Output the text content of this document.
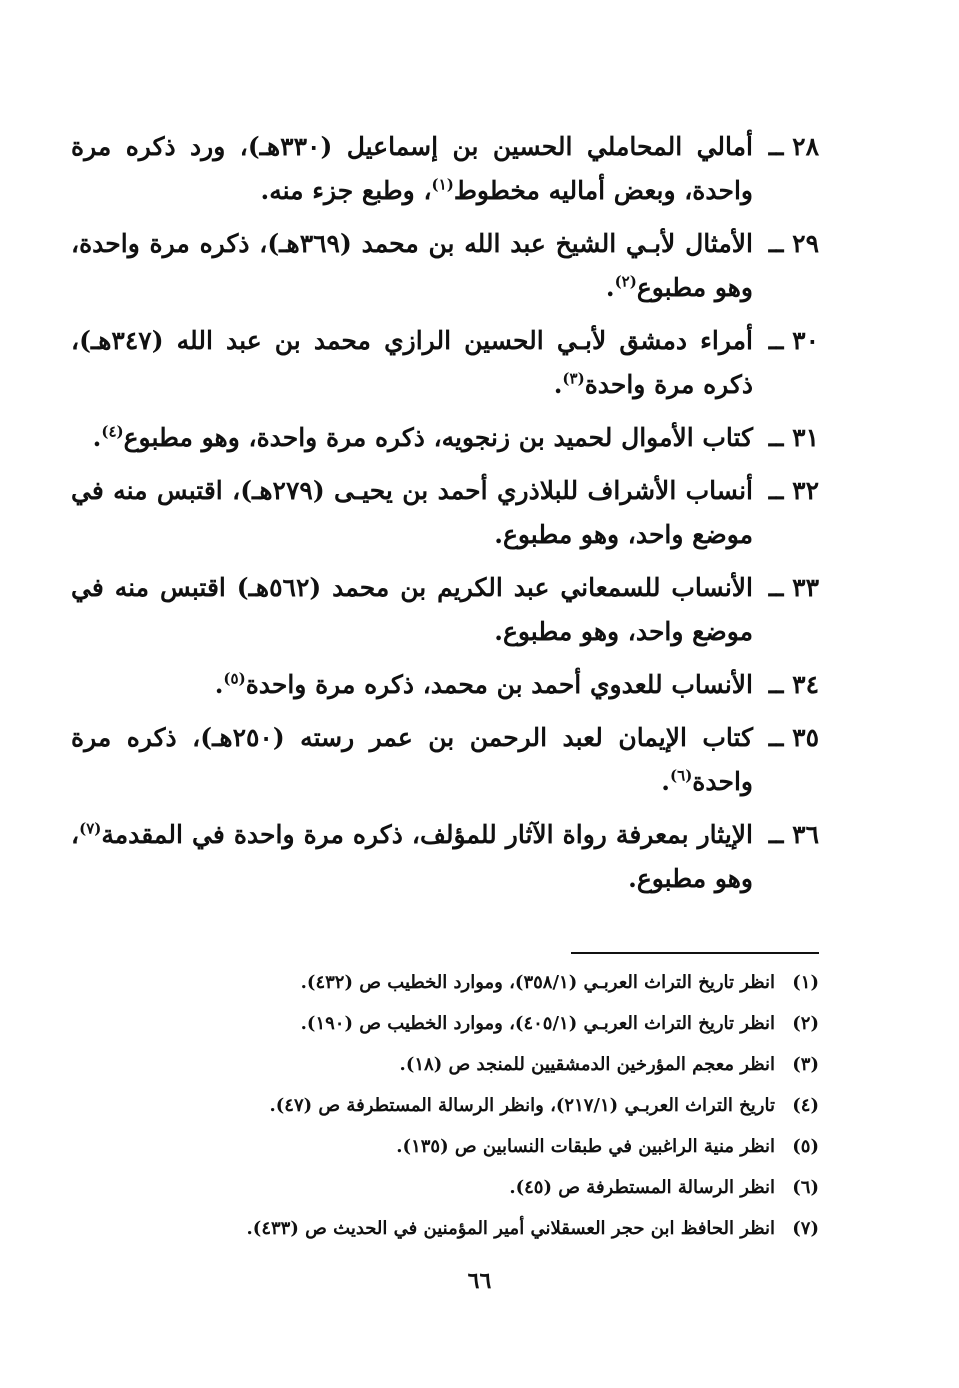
٢٨ ــ
أمالي المحاملي الحسين بن إسماعيل (٣٣٠هـ)، ورد ذكره مرة واحدة، وبعض أماليه مخطوط$^{(١)}$، وطبع جزء منه.
٢٩ ــ
الأمثال لأبـي الشيخ عبد الله بن محمد (٣٦٩هـ)، ذكره مرة واحدة، وهو مطبوع$^{(٢)}$.
٣٠ ــ
أمراء دمشق لأبـي الحسين الرازي محمد بن عبد الله (٣٤٧هـ)، ذكره مرة واحدة$^{(٣)}$.
٣١ ــ
كتاب الأموال لحميد بن زنجويه، ذكره مرة واحدة، وهو مطبوع$^{(٤)}$.
٣٢ ــ
أنساب الأشراف للبلاذري أحمد بن يحيـى (٢٧٩هـ)، اقتبس منه في موضع واحد، وهو مطبوع.
٣٣ ــ
الأنساب للسمعاني عبد الكريم بن محمد (٥٦٢هـ) اقتبس منه في موضع واحد، وهو مطبوع.
٣٤ ــ
الأنساب للعدوي أحمد بن محمد، ذكره مرة واحدة$^{(٥)}$.
٣٥ ــ
كتاب الإيمان لعبد الرحمن بن عمر رسته (٢٥٠هـ)، ذكره مرة واحدة$^{(٦)}$.
٣٦ ــ
الإيثار بمعرفة رواة الآثار للمؤلف، ذكره مرة واحدة في المقدمة$^{(٧)}$، وهو مطبوع.
(١)
انظر تاريخ التراث العربـي (٣٥٨/١)، وموارد الخطيب ص (٤٣٢).
(٢)
انظر تاريخ التراث العربـي (٤٠٥/١)، وموارد الخطيب ص (١٩٠).
(٣)
انظر معجم المؤرخين الدمشقيين للمنجد ص (١٨).
(٤)
تاريخ التراث العربـي (٢١٧/١)، وانظر الرسالة المستطرفة ص (٤٧).
(٥)
انظر منية الراغبين في طبقات النسابين ص (١٣٥).
(٦)
انظر الرسالة المستطرفة ص (٤٥).
(٧)
انظر الحافظ ابن حجر العسقلاني أمير المؤمنين في الحديث ص (٤٣٣).
٦٦
